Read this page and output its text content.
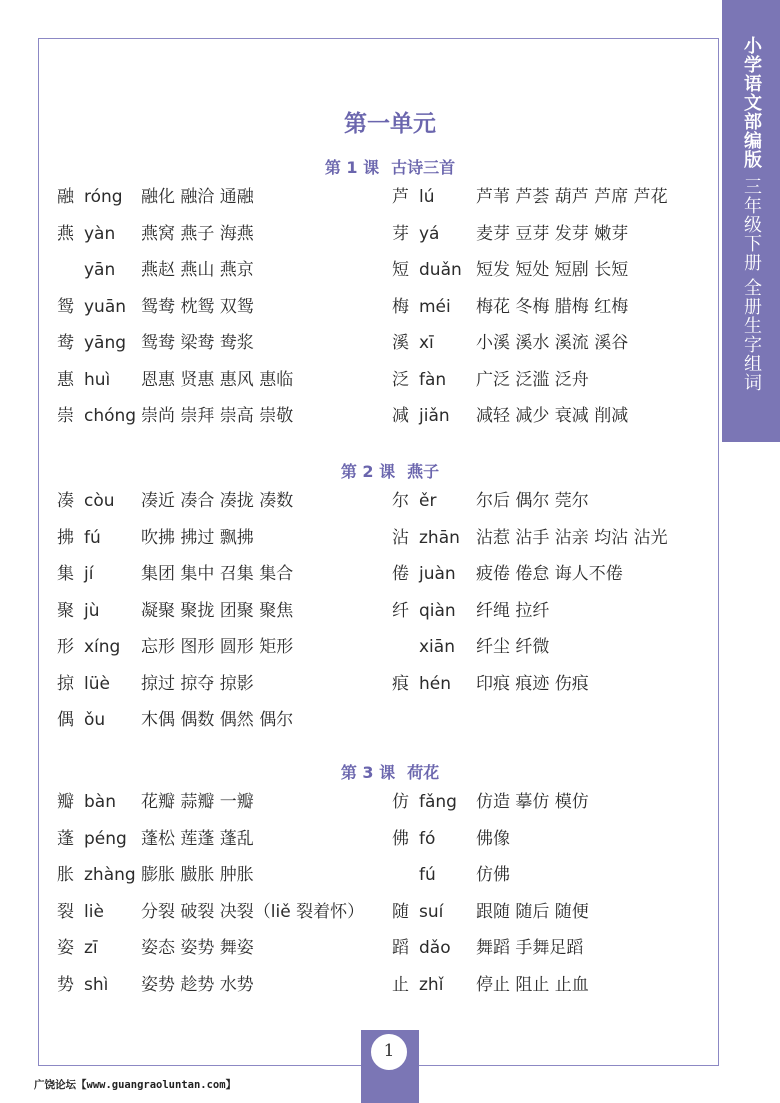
小学语文部编版
三年级下册
全册生字组词
第一单元
第 1 课 古诗三首
第 2 课 燕子
第 3 课 荷花
融 róng 融化 融洽 通融
燕 yàn 燕窝 燕子 海燕
yān 燕赵 燕山 燕京
鸳 yuān 鸳鸯 枕鸳 双鸳
鸯 yāng 鸳鸯 梁鸯 鸯浆
惠 huì 恩惠 贤惠 惠风 惠临
崇 chóng 崇尚 崇拜 崇高 崇敬
芦 lú 芦苇 芦荟 葫芦 芦席 芦花
芽 yá 麦芽 豆芽 发芽 嫩芽
短 duǎn 短发 短处 短剧 长短
梅 méi 梅花 冬梅 腊梅 红梅
溪 xī 小溪 溪水 溪流 溪谷
泛 fàn 广泛 泛滥 泛舟
减 jiǎn 减轻 减少 衰减 削减
凑 còu 凑近 凑合 凑拢 凑数
拂 fú 吹拂 拂过 飘拂
集 jí	集团 集中 召集 集合
聚 jù 凝聚 聚拢 团聚 聚焦
形 xíng 忘形 图形 圆形 矩形
掠 lüè 掠过 掠夺 掠影
偶 ǒu 木偶 偶数 偶然 偶尔
尔 ěr 尔后 偶尔 莞尔
沾 zhān 沾惹 沾手 沾亲 均沾 沾光
倦 juàn 疲倦 倦怠 诲人不倦
纤 qiàn 纤绳 拉纤
xiān 纤尘 纤微
痕 hén 印痕 痕迹 伤痕
瓣 bàn 花瓣 蒜瓣 一瓣
蓬 péng 蓬松 莲蓬 蓬乱
胀 zhàng 膨胀 臌胀 肿胀
裂 liè 分裂 破裂 决裂（liě 裂着怀）
姿 zī	姿态 姿势 舞姿
势 shì 姿势 趁势 水势
仿 fǎng 仿造 摹仿 模仿
佛 fó 佛像
fú 仿佛
随 suí 跟随 随后 随便
蹈 dǎo 舞蹈 手舞足蹈
止 zhǐ 停止 阻止 止血
1
广饶论坛【www.guangraoluntan.com】
